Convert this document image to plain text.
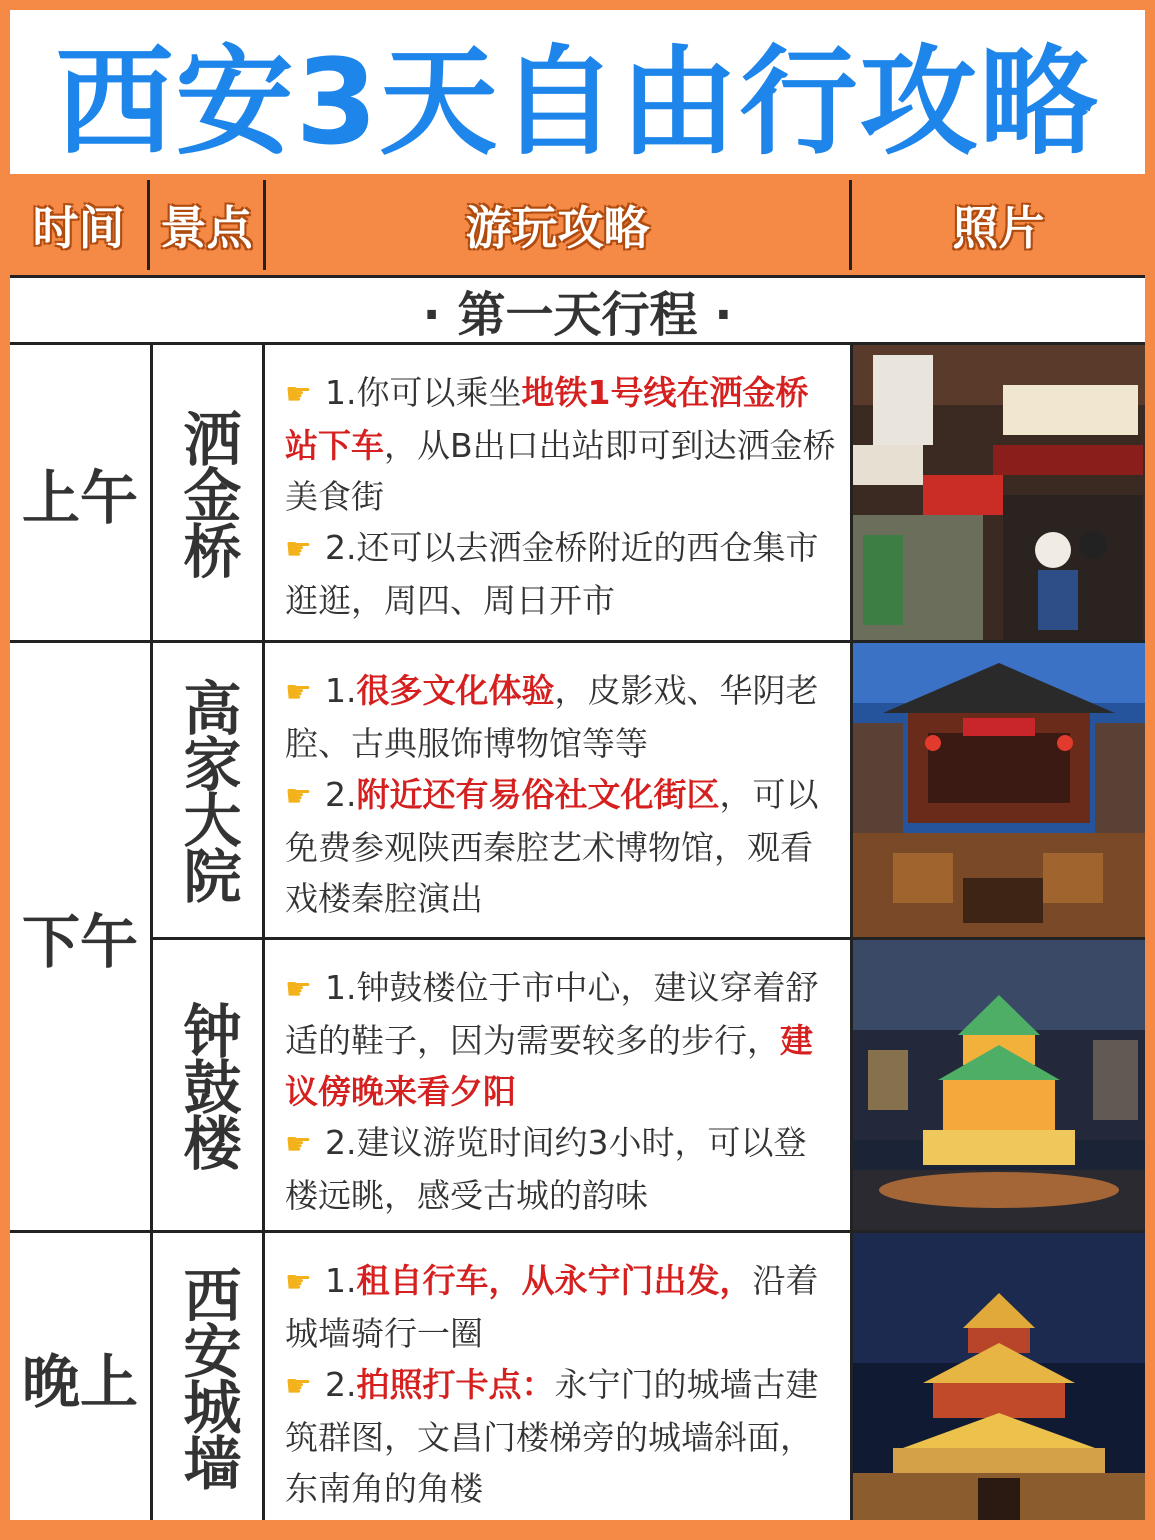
西安3天自由行攻略
时间 景点	游玩攻略	照片
· 第一天行程 ·
上午
下午
晚上
洒金桥
高家大院
钟鼓楼
西安城墙

☛ 1.你可以乘坐地铁1号线在洒金桥站下车，从B出口出站即可到达洒金桥美食街

☛ 2.还可以去洒金桥附近的西仓集市逛逛，周四、周日开市

☛ 1.很多文化体验，皮影戏、华阴老腔、古典服饰博物馆等等

☛ 2.附近还有易俗社文化街区，可以免费参观陕西秦腔艺术博物馆，观看戏楼秦腔演出

☛ 1.钟鼓楼位于市中心，建议穿着舒适的鞋子，因为需要较多的步行，建议傍晚来看夕阳

☛ 2.建议游览时间约3小时，可以登楼远眺，感受古城的韵味

☛ 1.租自行车，从永宁门出发，沿着城墙骑行一圈

☛ 2.拍照打卡点：永宁门的城墙古建筑群图，文昌门楼梯旁的城墙斜面，东南角的角楼
